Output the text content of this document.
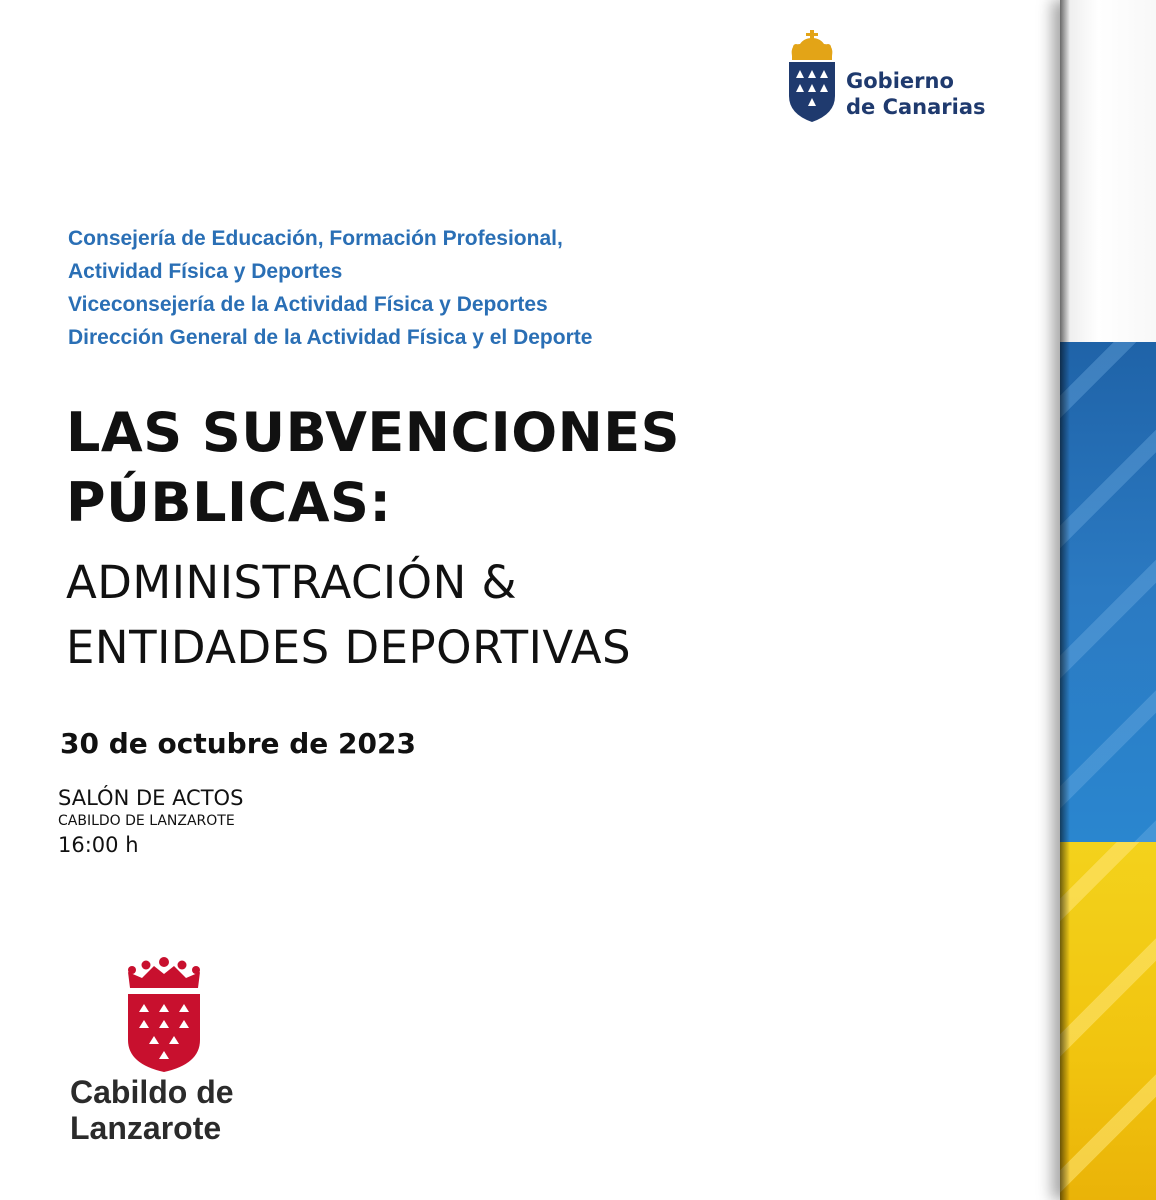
Gobierno
de Canarias
Consejería de Educación, Formación Profesional,
Actividad Física y Deportes
Viceconsejería de la Actividad Física y Deportes
Dirección General de la Actividad Física y el Deporte
LAS SUBVENCIONES
PÚBLICAS:
ADMINISTRACIÓN &
ENTIDADES DEPORTIVAS
30 de octubre de 2023
SALÓN DE ACTOS
CABILDO DE LANZAROTE
16:00 h
Cabildo de
Lanzarote
